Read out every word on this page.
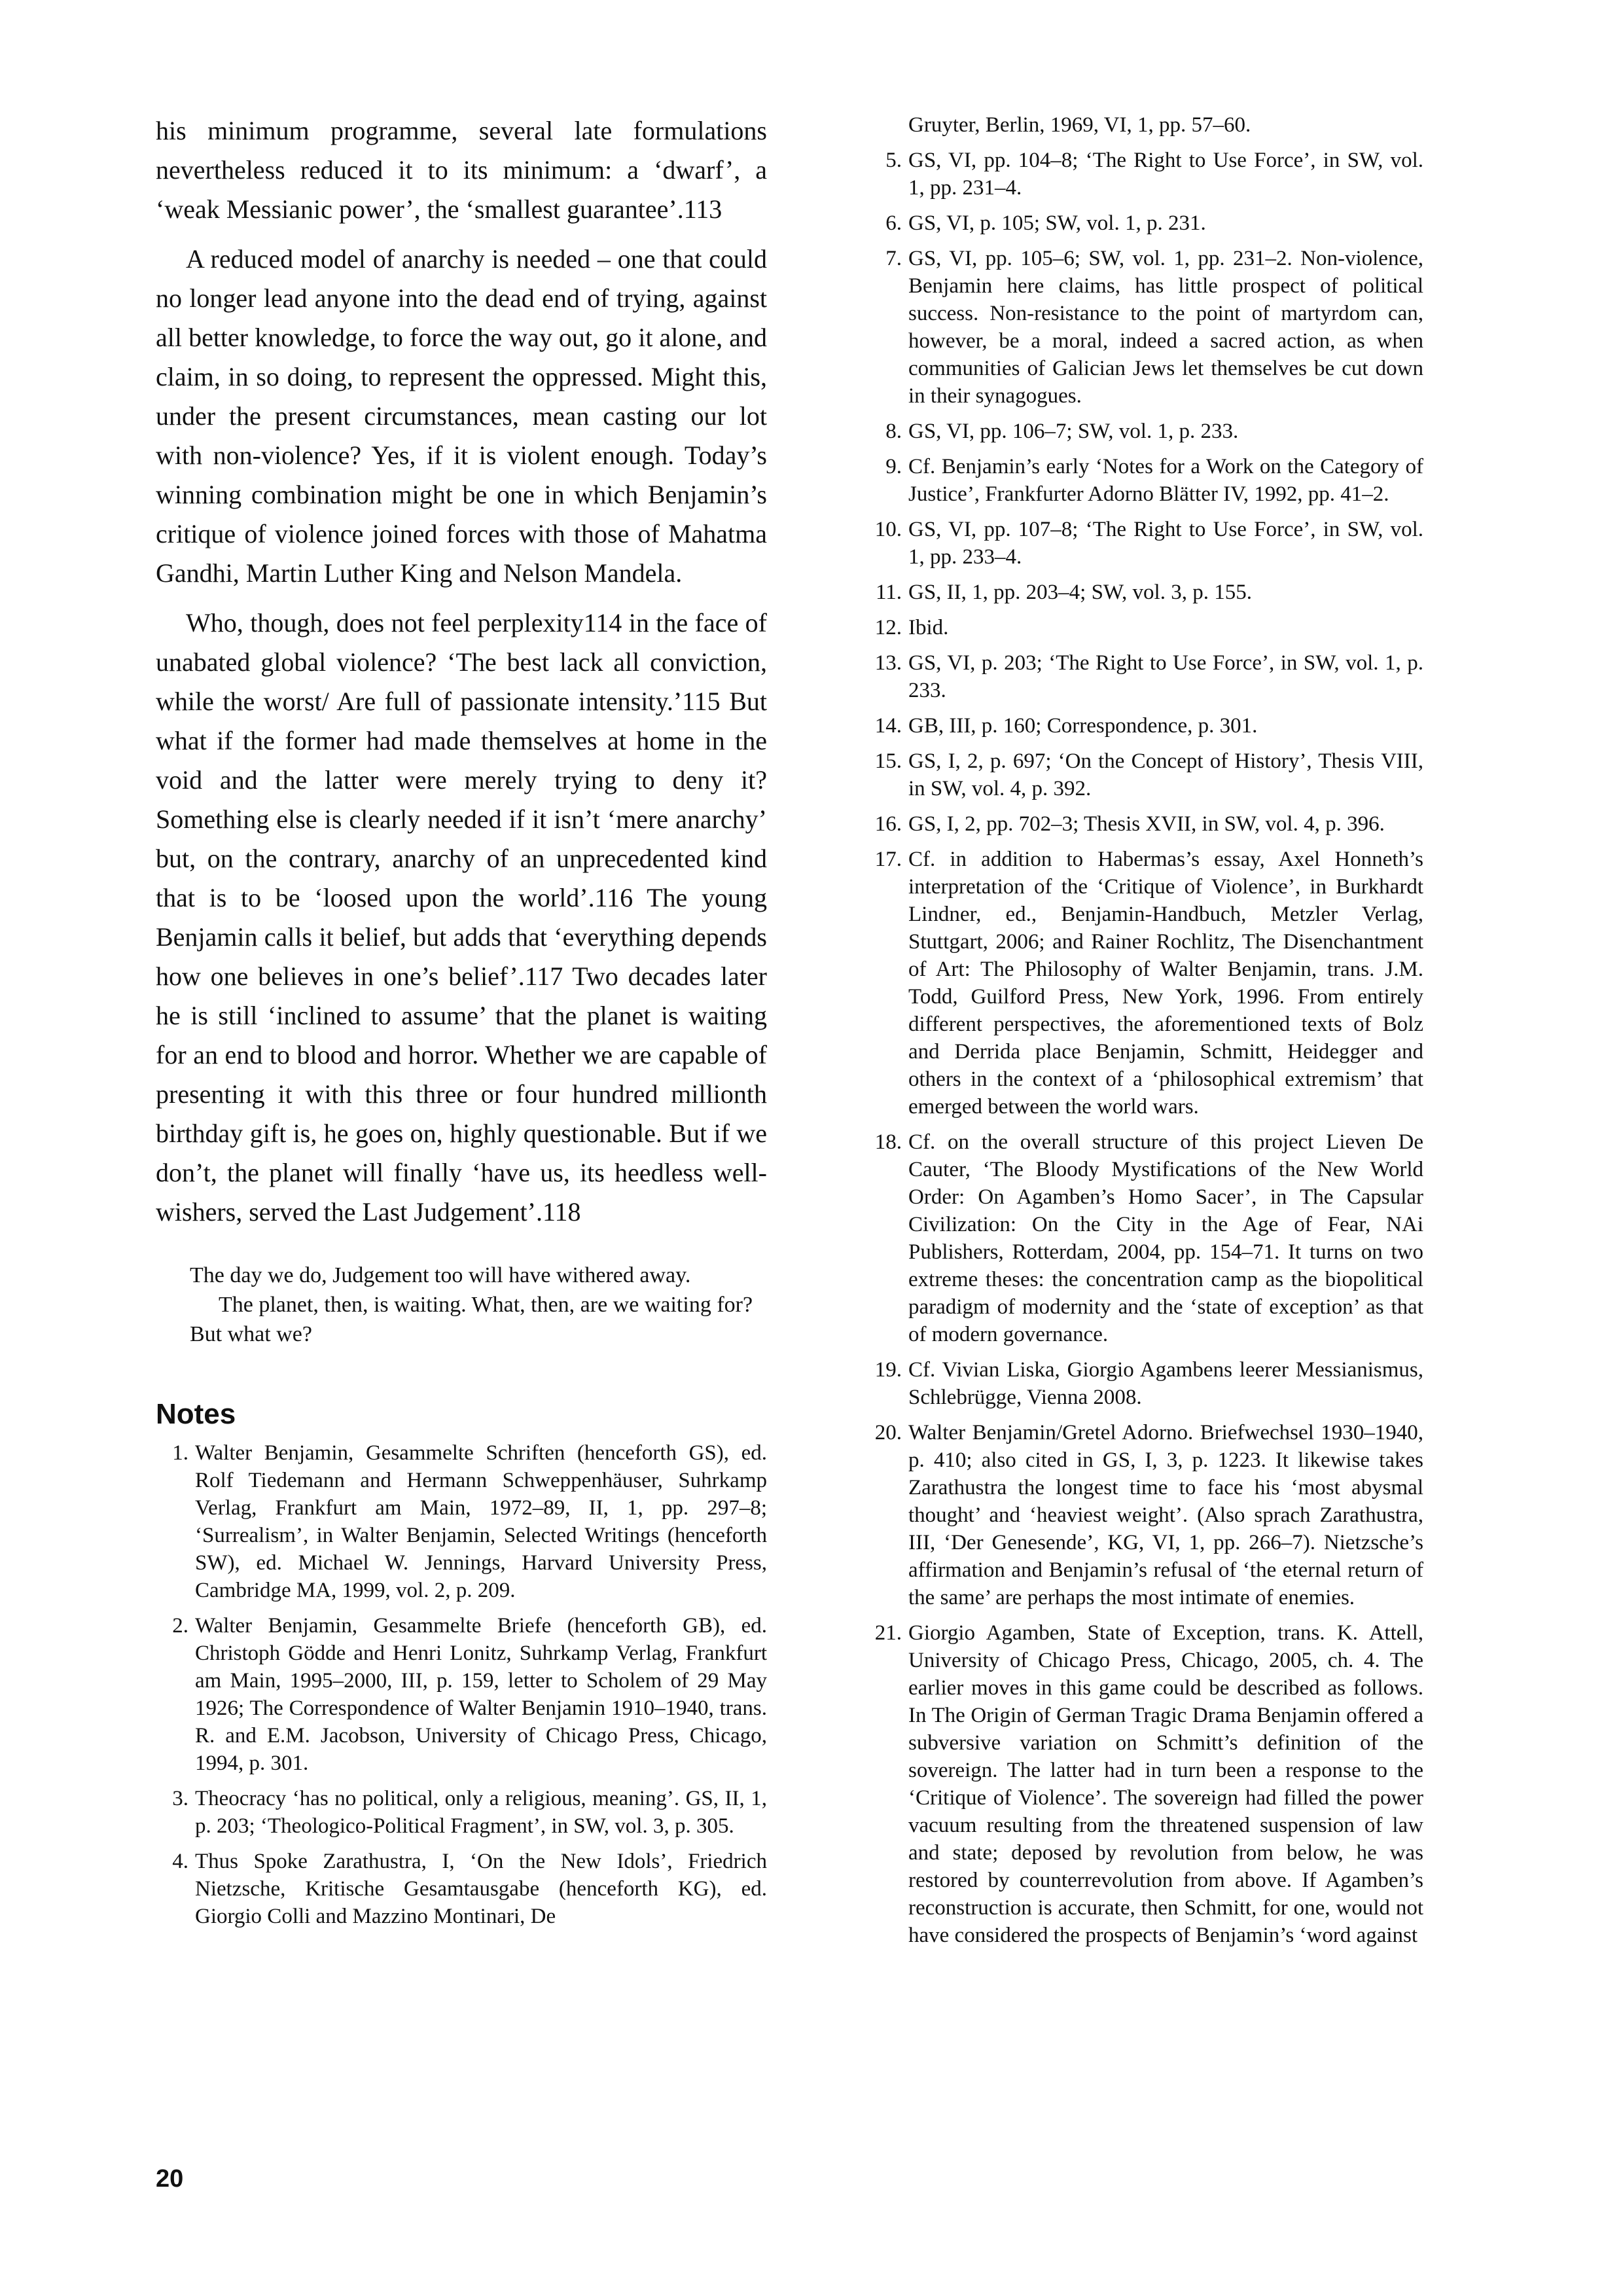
his minimum programme, several late formulations nevertheless reduced it to its minimum: a ‘dwarf’, a ‘weak Messianic power’, the ‘smallest guarantee’.113

A reduced model of anarchy is needed – one that could no longer lead anyone into the dead end of trying, against all better knowledge, to force the way out, go it alone, and claim, in so doing, to represent the oppressed. Might this, under the present circumstances, mean casting our lot with non-violence? Yes, if it is violent enough. Today’s winning combination might be one in which Benjamin’s critique of violence joined forces with those of Mahatma Gandhi, Martin Luther King and Nelson Mandela.

Who, though, does not feel perplexity114 in the face of unabated global violence? ‘The best lack all conviction, while the worst/ Are full of passionate intensity.’115 But what if the former had made themselves at home in the void and the latter were merely trying to deny it? Something else is clearly needed if it isn’t ‘mere anarchy’ but, on the contrary, anarchy of an unprecedented kind that is to be ‘loosed upon the world’.116 The young Benjamin calls it belief, but adds that ‘everything depends how one believes in one’s belief’.117 Two decades later he is still ‘inclined to assume’ that the planet is waiting for an end to blood and horror. Whether we are capable of presenting it with this three or four hundred millionth birthday gift is, he goes on, highly questionable. But if we don’t, the planet will finally ‘have us, its heedless well-wishers, served the Last Judgement’.118

The day we do, Judgement too will have withered away.

The planet, then, is waiting. What, then, are we waiting for? But what we?

Notes
1. Walter Benjamin, Gesammelte Schriften (henceforth GS), ed. Rolf Tiedemann and Hermann Schweppenhäuser, Suhrkamp Verlag, Frankfurt am Main, 1972–89, II, 1, pp. 297–8; ‘Surrealism’, in Walter Benjamin, Selected Writings (henceforth SW), ed. Michael W. Jennings, Harvard University Press, Cambridge MA, 1999, vol. 2, p. 209.
2. Walter Benjamin, Gesammelte Briefe (henceforth GB), ed. Christoph Gödde and Henri Lonitz, Suhrkamp Verlag, Frankfurt am Main, 1995–2000, III, p. 159, letter to Scholem of 29 May 1926; The Correspondence of Walter Benjamin 1910–1940, trans. R. and E.M. Jacobson, University of Chicago Press, Chicago, 1994, p. 301.
3. Theocracy ‘has no political, only a religious, meaning’. GS, II, 1, p. 203; ‘Theologico-Political Fragment’, in SW, vol. 3, p. 305.
4. Thus Spoke Zarathustra, I, ‘On the New Idols’, Friedrich Nietzsche, Kritische Gesamtausgabe (henceforth KG), ed. Giorgio Colli and Mazzino Montinari, De
Gruyter, Berlin, 1969, VI, 1, pp. 57–60.
5. GS, VI, pp. 104–8; ‘The Right to Use Force’, in SW, vol. 1, pp. 231–4.
6. GS, VI, p. 105; SW, vol. 1, p. 231.
7. GS, VI, pp. 105–6; SW, vol. 1, pp. 231–2. Non-violence, Benjamin here claims, has little prospect of political success. Non-resistance to the point of martyrdom can, however, be a moral, indeed a sacred action, as when communities of Galician Jews let themselves be cut down in their synagogues.
8. GS, VI, pp. 106–7; SW, vol. 1, p. 233.
9. Cf. Benjamin’s early ‘Notes for a Work on the Category of Justice’, Frankfurter Adorno Blätter IV, 1992, pp. 41–2.
10. GS, VI, pp. 107–8; ‘The Right to Use Force’, in SW, vol. 1, pp. 233–4.
11. GS, II, 1, pp. 203–4; SW, vol. 3, p. 155.
12. Ibid.
13. GS, VI, p. 203; ‘The Right to Use Force’, in SW, vol. 1, p. 233.
14. GB, III, p. 160; Correspondence, p. 301.
15. GS, I, 2, p. 697; ‘On the Concept of History’, Thesis VIII, in SW, vol. 4, p. 392.
16. GS, I, 2, pp. 702–3; Thesis XVII, in SW, vol. 4, p. 396.
17. Cf. in addition to Habermas’s essay, Axel Honneth’s interpretation of the ‘Critique of Violence’, in Burkhardt Lindner, ed., Benjamin-Handbuch, Metzler Verlag, Stuttgart, 2006; and Rainer Rochlitz, The Disenchantment of Art: The Philosophy of Walter Benjamin, trans. J.M. Todd, Guilford Press, New York, 1996. From entirely different perspectives, the aforementioned texts of Bolz and Derrida place Benjamin, Schmitt, Heidegger and others in the context of a ‘philosophical extremism’ that emerged between the world wars.
18. Cf. on the overall structure of this project Lieven De Cauter, ‘The Bloody Mystifications of the New World Order: On Agamben’s Homo Sacer’, in The Capsular Civilization: On the City in the Age of Fear, NAi Publishers, Rotterdam, 2004, pp. 154–71. It turns on two extreme theses: the concentration camp as the biopolitical paradigm of modernity and the ‘state of exception’ as that of modern governance.
19. Cf. Vivian Liska, Giorgio Agambens leerer Messianismus, Schlebrügge, Vienna 2008.
20. Walter Benjamin/Gretel Adorno. Briefwechsel 1930–1940, p. 410; also cited in GS, I, 3, p. 1223. It likewise takes Zarathustra the longest time to face his ‘most abysmal thought’ and ‘heaviest weight’. (Also sprach Zarathustra, III, ‘Der Genesende’, KG, VI, 1, pp. 266–7). Nietzsche’s affirmation and Benjamin’s refusal of ‘the eternal return of the same’ are perhaps the most intimate of enemies.
21. Giorgio Agamben, State of Exception, trans. K. Attell, University of Chicago Press, Chicago, 2005, ch. 4. The earlier moves in this game could be described as follows. In The Origin of German Tragic Drama Benjamin offered a subversive variation on Schmitt’s definition of the sovereign. The latter had in turn been a response to the ‘Critique of Violence’. The sovereign had filled the power vacuum resulting from the threatened suspension of law and state; deposed by revolution from below, he was restored by counterrevolution from above. If Agamben’s reconstruction is accurate, then Schmitt, for one, would not have considered the prospects of Benjamin’s ‘word against
20
